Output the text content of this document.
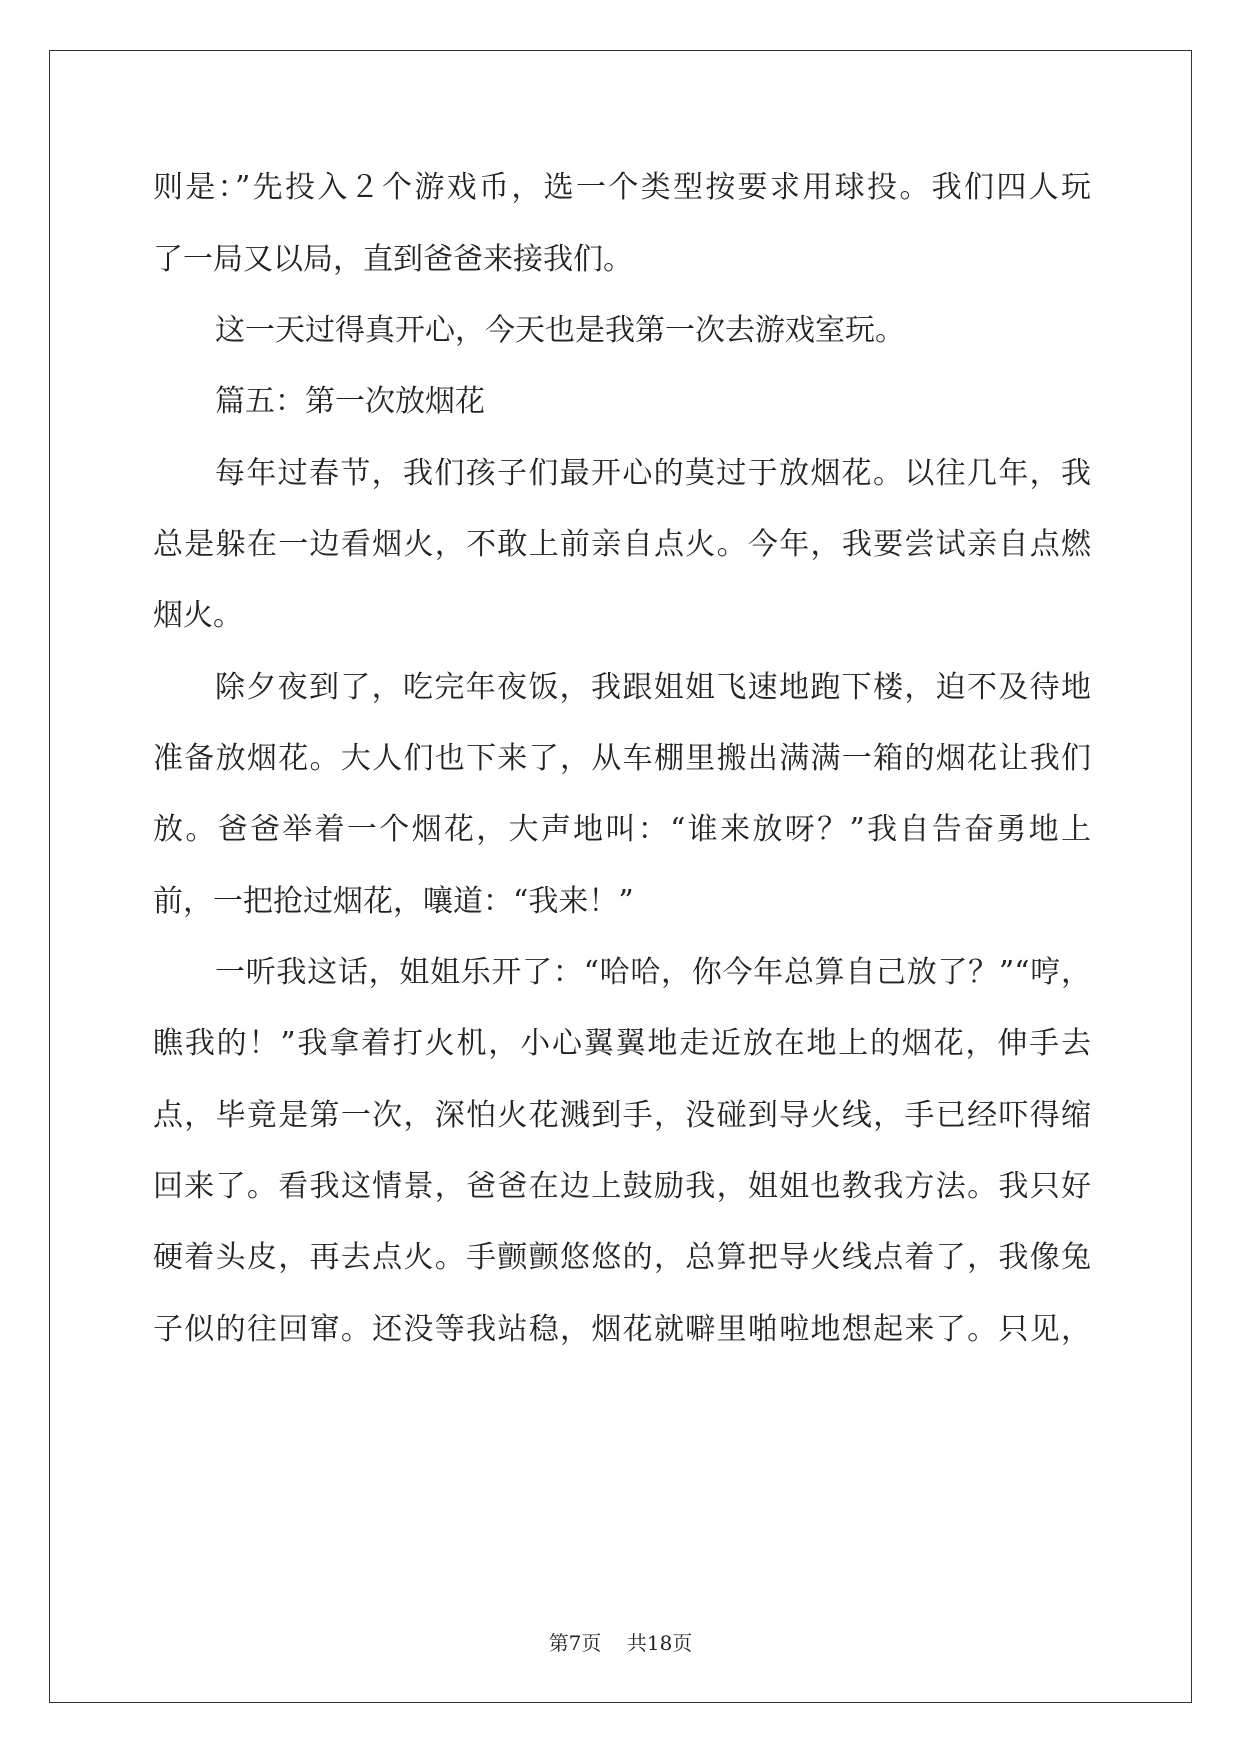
则是：”先投入２个游戏币，选一个类型按要求用球投。我们四人玩
了一局又以局，直到爸爸来接我们。
这一天过得真开心，今天也是我第一次去游戏室玩。
篇五：第一次放烟花
每年过春节，我们孩子们最开心的莫过于放烟花。以往几年，我
总是躲在一边看烟火，不敢上前亲自点火。今年，我要尝试亲自点燃
烟火。
除夕夜到了，吃完年夜饭，我跟姐姐飞速地跑下楼，迫不及待地
准备放烟花。大人们也下来了，从车棚里搬出满满一箱的烟花让我们
放。爸爸举着一个烟花，大声地叫：“谁来放呀？”我自告奋勇地上
前，一把抢过烟花，嚷道：“我来！”
一听我这话，姐姐乐开了：“哈哈，你今年总算自己放了？”“哼，
瞧我的！”我拿着打火机，小心翼翼地走近放在地上的烟花，伸手去
点，毕竟是第一次，深怕火花溅到手，没碰到导火线，手已经吓得缩
回来了。看我这情景，爸爸在边上鼓励我，姐姐也教我方法。我只好
硬着头皮，再去点火。手颤颤悠悠的，总算把导火线点着了，我像兔
子似的往回窜。还没等我站稳，烟花就噼里啪啦地想起来了。只见，
第7页 共18页
